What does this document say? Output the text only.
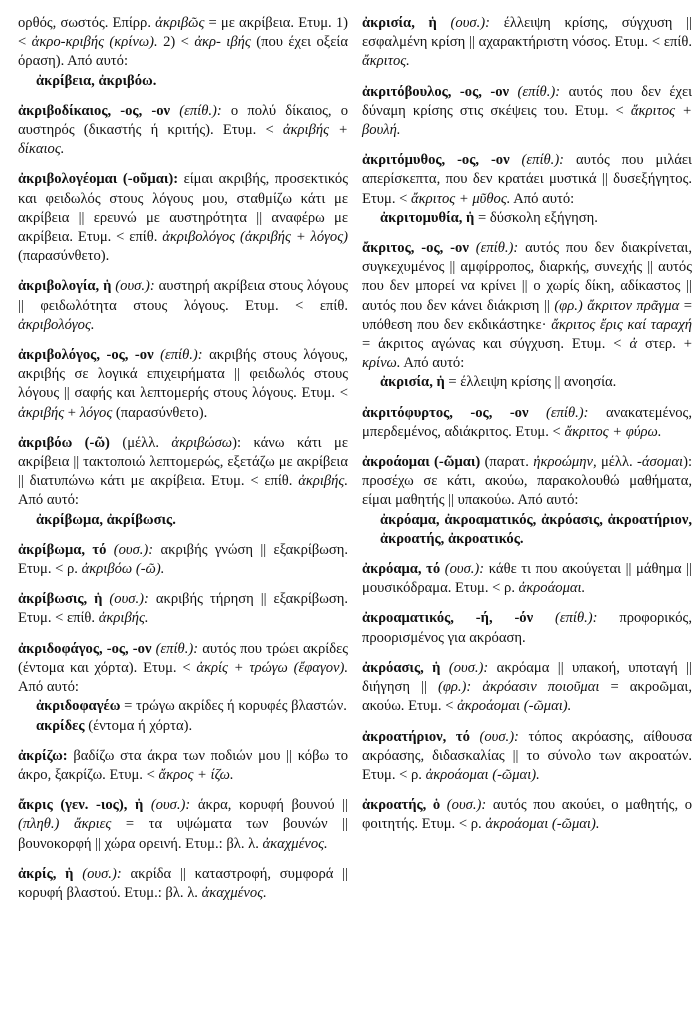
ορθός, σωστός. Επίρρ. ἀκριβῶς = με ακρίβεια. Ετυμ. 1) < ἀκρο-κριβής (κρίνω). 2) < ἀκρ- ιβής (που έχει οξεία όραση). Από αυτό:
ἀκρίβεια, ἀκριβόω.
ἀκριβοδίκαιος, -ος, -ον (επίθ.): ο πολύ δίκαιος, ο αυστηρός (δικαστής ή κριτής). Ετυμ. < ἀκριβής + δίκαιος.
ἀκριβολογέομαι (-οῦμαι): είμαι ακριβής, προσεκτικός και φειδωλός στους λόγους μου, σταθμίζω κάτι με ακρίβεια || ερευνώ με αυστηρότητα || αναφέρω με ακρίβεια. Ετυμ. < επίθ. ἀκριβολόγος (ἀκριβής + λόγος) (παρασύνθετο).
ἀκριβολογία, ἡ (ουσ.): αυστηρή ακρίβεια στους λόγους || φειδωλότητα στους λόγους. Ετυμ. < επίθ. ἀκριβολόγος.
ἀκριβολόγος, -ος, -ον (επίθ.): ακριβής στους λόγους, ακριβής σε λογικά επιχειρήματα || φειδωλός στους λόγους || σαφής και λεπτομερής στους λόγους. Ετυμ. < ἀκριβής + λόγος (παρασύνθετο).
ἀκριβόω (-ῶ) (μέλλ. ἀκριβώσω): κάνω κάτι με ακρίβεια || τακτοποιώ λεπτομερώς, εξετάζω με ακρίβεια || διατυπώνω κάτι με ακρίβεια. Ετυμ. < επίθ. ἀκριβής. Από αυτό:
ἀκρίβωμα, ἀκρίβωσις.
ἀκρίβωμα, τό (ουσ.): ακριβής γνώση || εξακρίβωση. Ετυμ. < ρ. ἀκριβόω (-ῶ).
ἀκρίβωσις, ἡ (ουσ.): ακριβής τήρηση || εξακρίβωση. Ετυμ. < επίθ. ἀκριβής.
ἀκριδοφάγος, -ος, -ον (επίθ.): αυτός που τρώει ακρίδες (έντομα και χόρτα). Ετυμ. < ἀκρίς + τρώγω (ἔφαγον). Από αυτό:
ἀκριδοφαγέω = τρώγω ακρίδες ή κορυφές βλαστών.
ακρίδες (έντομα ή χόρτα).
ἀκρίζω: βαδίζω στα άκρα των ποδιών μου || κόβω το άκρο, ξακρίζω. Ετυμ. < ἄκρος + ίζω.
ἄκρις (γεν. -ιος), ἡ (ουσ.): άκρα, κορυφή βουνού || (πληθ.) ἄκριες = τα υψώματα των βουνών || βουνοκορφή || χώρα ορεινή. Ετυμ.: βλ. λ. ἀκαχμένος.
ἀκρίς, ἡ (ουσ.): ακρίδα || καταστροφή, συμφορά || κορυφή βλαστού. Ετυμ.: βλ. λ. ἀκαχμένος.
ἀκρισία, ἡ (ουσ.): έλλειψη κρίσης, σύγχυση || εσφαλμένη κρίση || αχαρακτήριστη νόσος. Ετυμ. < επίθ. ἄκριτος.
ἀκριτόβουλος, -ος, -ον (επίθ.): αυτός που δεν έχει δύναμη κρίσης στις σκέψεις του. Ετυμ. < ἄκριτος + βουλή.
ἀκριτόμυθος, -ος, -ον (επίθ.): αυτός που μιλάει απερίσκεπτα, που δεν κρατάει μυστικά || δυσεξήγητος. Ετυμ. < ἄκριτος + μῦθος. Από αυτό:
ἀκριτομυθία, ἡ = δύσκολη εξήγηση.
ἄκριτος, -ος, -ον (επίθ.): αυτός που δεν διακρίνεται, συγκεχυμένος || αμφίρροπος, διαρκής, συνεχής || αυτός που δεν μπορεί να κρίνει || ο χωρίς δίκη, αδίκαστος || αυτός που δεν κάνει διάκριση || (φρ.) ἄκριτον πρᾶγμα = υπόθεση που δεν εκδικάστηκε· ἄκριτος ἔρις καί ταραχή = άκριτος αγώνας και σύγχυση. Ετυμ. < ἀ στερ. + κρίνω. Από αυτό:
ἀκρισία, ἡ = έλλειψη κρίσης || ανοησία.
ἀκριτόφυρτος, -ος, -ον (επίθ.): ανακατεμένος, μπερδεμένος, αδιάκριτος. Ετυμ. < ἄκριτος + φύρω.
ἀκροάομαι (-ῶμαι) (παρατ. ἠκροώμην, μέλλ. -άσομαι): προσέχω σε κάτι, ακούω, παρακολουθώ μαθήματα, είμαι μαθητής || υπακούω. Από αυτό:
ἀκρόαμα, ἀκροαματικός, ἀκρόασις, ἀκροατήριον, ἀκροατής, ἀκροατικός.
ἀκρόαμα, τό (ουσ.): κάθε τι που ακούγεται || μάθημα || μουσικόδραμα. Ετυμ. < ρ. ἀκροάομαι.
ἀκροαματικός, -ή, -όν (επίθ.): προφορικός, προορισμένος για ακρόαση.
ἀκρόασις, ἡ (ουσ.): ακρόαμα || υπακοή, υποταγή || διήγηση || (φρ.): ἀκρόασιν ποιοῦμαι = ακροῶμαι, ακούω. Ετυμ. < ἀκροάομαι (-ῶμαι).
ἀκροατήριον, τό (ουσ.): τόπος ακρόασης, αίθουσα ακρόασης, διδασκαλίας || το σύνολο των ακροατών. Ετυμ. < ρ. ἀκροάομαι (-ῶμαι).
ἀκροατής, ὁ (ουσ.): αυτός που ακούει, ο μαθητής, ο φοιτητής. Ετυμ. < ρ. ἀκροάομαι (-ῶμαι).
